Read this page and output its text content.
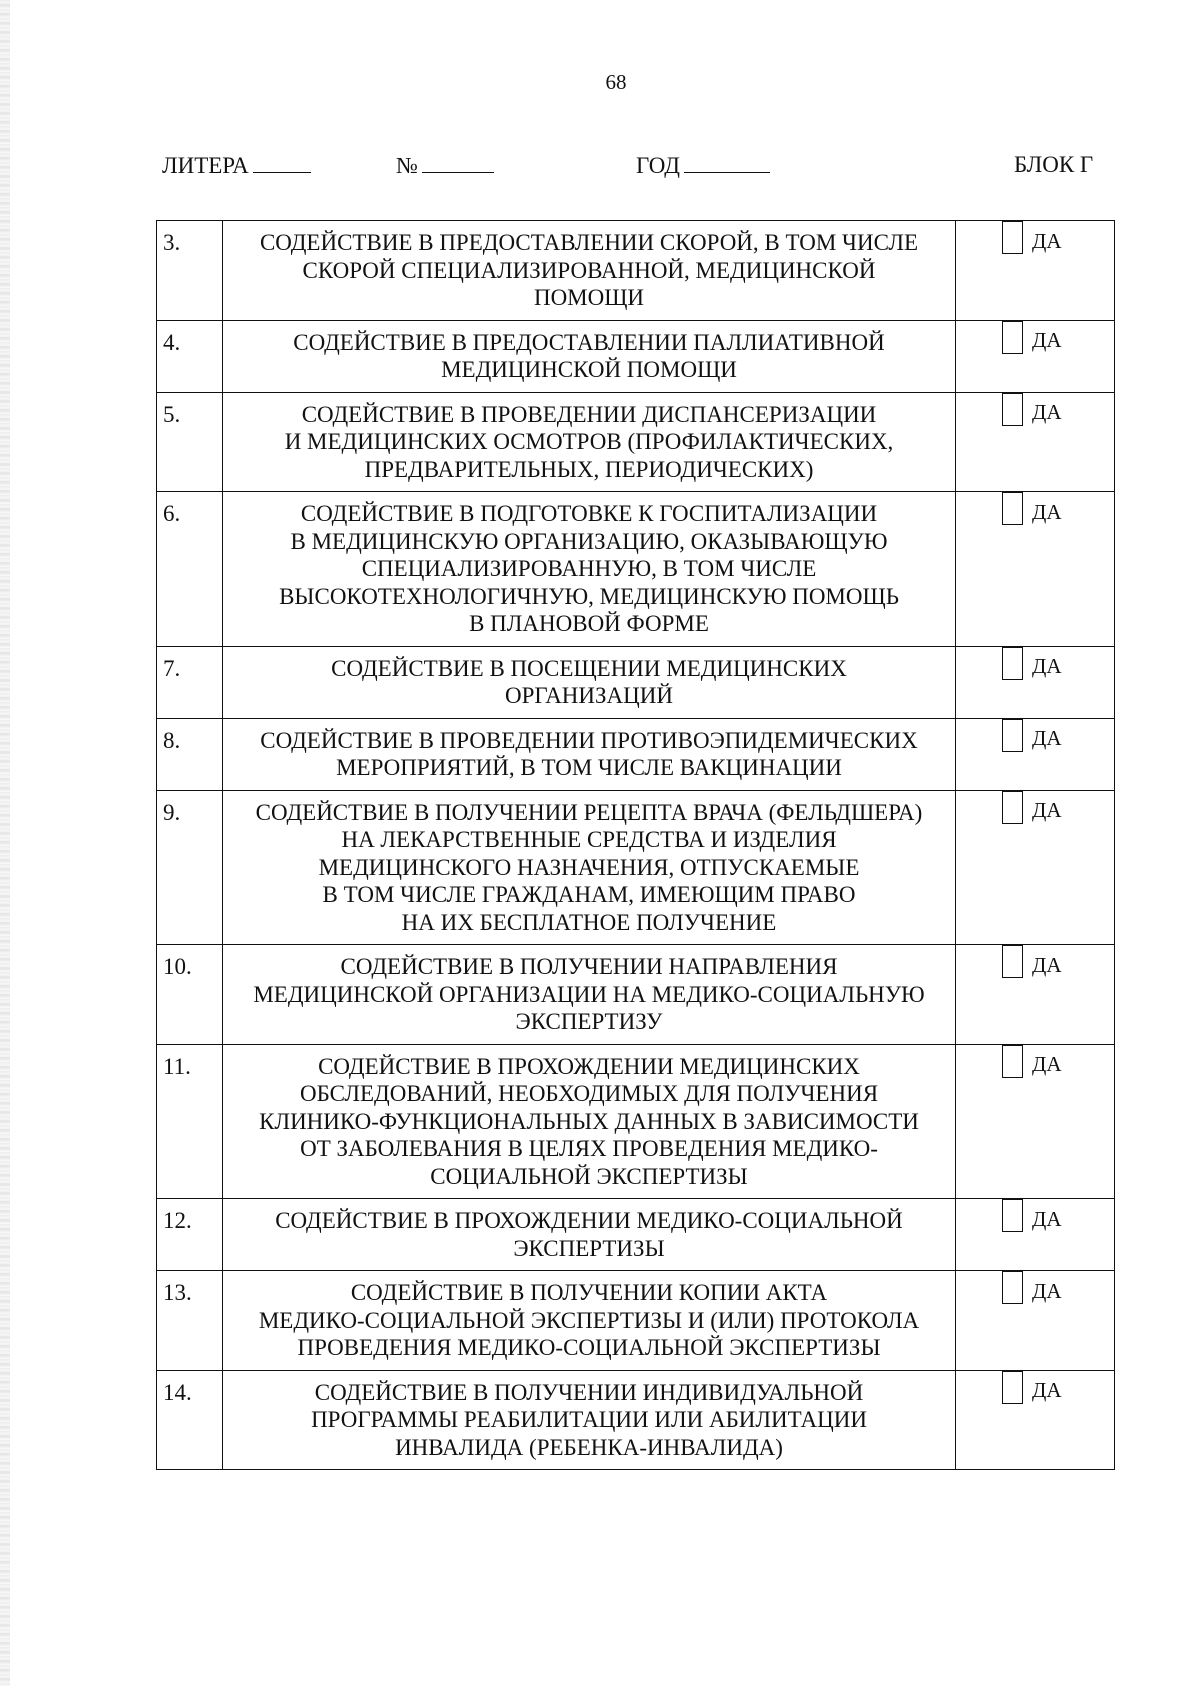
68
ЛИТЕРА	№	ГОД	БЛОК Г
3.	СОДЕЙСТВИЕ В ПРЕДОСТАВЛЕНИИ СКОРОЙ, В ТОМ ЧИСЛЕ
СКОРОЙ СПЕЦИАЛИЗИРОВАННОЙ, МЕДИЦИНСКОЙ
ПОМОЩИ	ДА

4.	СОДЕЙСТВИЕ В ПРЕДОСТАВЛЕНИИ ПАЛЛИАТИВНОЙ
МЕДИЦИНСКОЙ ПОМОЩИ	ДА

5.	СОДЕЙСТВИЕ В ПРОВЕДЕНИИ ДИСПАНСЕРИЗАЦИИ
И МЕДИЦИНСКИХ ОСМОТРОВ (ПРОФИЛАКТИЧЕСКИХ,
ПРЕДВАРИТЕЛЬНЫХ, ПЕРИОДИЧЕСКИХ)	ДА

6.	СОДЕЙСТВИЕ В ПОДГОТОВКЕ К ГОСПИТАЛИЗАЦИИ
В МЕДИЦИНСКУЮ ОРГАНИЗАЦИЮ, ОКАЗЫВАЮЩУЮ
СПЕЦИАЛИЗИРОВАННУЮ, В ТОМ ЧИСЛЕ
ВЫСОКОТЕХНОЛОГИЧНУЮ, МЕДИЦИНСКУЮ ПОМОЩЬ
В ПЛАНОВОЙ ФОРМЕ	ДА

7.	СОДЕЙСТВИЕ В ПОСЕЩЕНИИ МЕДИЦИНСКИХ
ОРГАНИЗАЦИЙ	ДА

8.	СОДЕЙСТВИЕ В ПРОВЕДЕНИИ ПРОТИВОЭПИДЕМИЧЕСКИХ
МЕРОПРИЯТИЙ, В ТОМ ЧИСЛЕ ВАКЦИНАЦИИ	ДА

9.	СОДЕЙСТВИЕ В ПОЛУЧЕНИИ РЕЦЕПТА ВРАЧА (ФЕЛЬДШЕРА)
НА ЛЕКАРСТВЕННЫЕ СРЕДСТВА И ИЗДЕЛИЯ
МЕДИЦИНСКОГО НАЗНАЧЕНИЯ, ОТПУСКАЕМЫЕ
В ТОМ ЧИСЛЕ ГРАЖДАНАМ, ИМЕЮЩИМ ПРАВО
НА ИХ БЕСПЛАТНОЕ ПОЛУЧЕНИЕ	ДА

10.	СОДЕЙСТВИЕ В ПОЛУЧЕНИИ НАПРАВЛЕНИЯ
МЕДИЦИНСКОЙ ОРГАНИЗАЦИИ НА МЕДИКО-СОЦИАЛЬНУЮ
ЭКСПЕРТИЗУ	ДА

11.	СОДЕЙСТВИЕ В ПРОХОЖДЕНИИ МЕДИЦИНСКИХ
ОБСЛЕДОВАНИЙ, НЕОБХОДИМЫХ ДЛЯ ПОЛУЧЕНИЯ
КЛИНИКО-ФУНКЦИОНАЛЬНЫХ ДАННЫХ В ЗАВИСИМОСТИ
ОТ ЗАБОЛЕВАНИЯ В ЦЕЛЯХ ПРОВЕДЕНИЯ МЕДИКО-
СОЦИАЛЬНОЙ ЭКСПЕРТИЗЫ	ДА

12.	СОДЕЙСТВИЕ В ПРОХОЖДЕНИИ МЕДИКО-СОЦИАЛЬНОЙ
ЭКСПЕРТИЗЫ	ДА

13.	СОДЕЙСТВИЕ В ПОЛУЧЕНИИ КОПИИ АКТА
МЕДИКО-СОЦИАЛЬНОЙ ЭКСПЕРТИЗЫ И (ИЛИ) ПРОТОКОЛА
ПРОВЕДЕНИЯ МЕДИКО-СОЦИАЛЬНОЙ ЭКСПЕРТИЗЫ	ДА

14.	СОДЕЙСТВИЕ В ПОЛУЧЕНИИ ИНДИВИДУАЛЬНОЙ
ПРОГРАММЫ РЕАБИЛИТАЦИИ ИЛИ АБИЛИТАЦИИ
ИНВАЛИДА (РЕБЕНКА-ИНВАЛИДА)	ДА
